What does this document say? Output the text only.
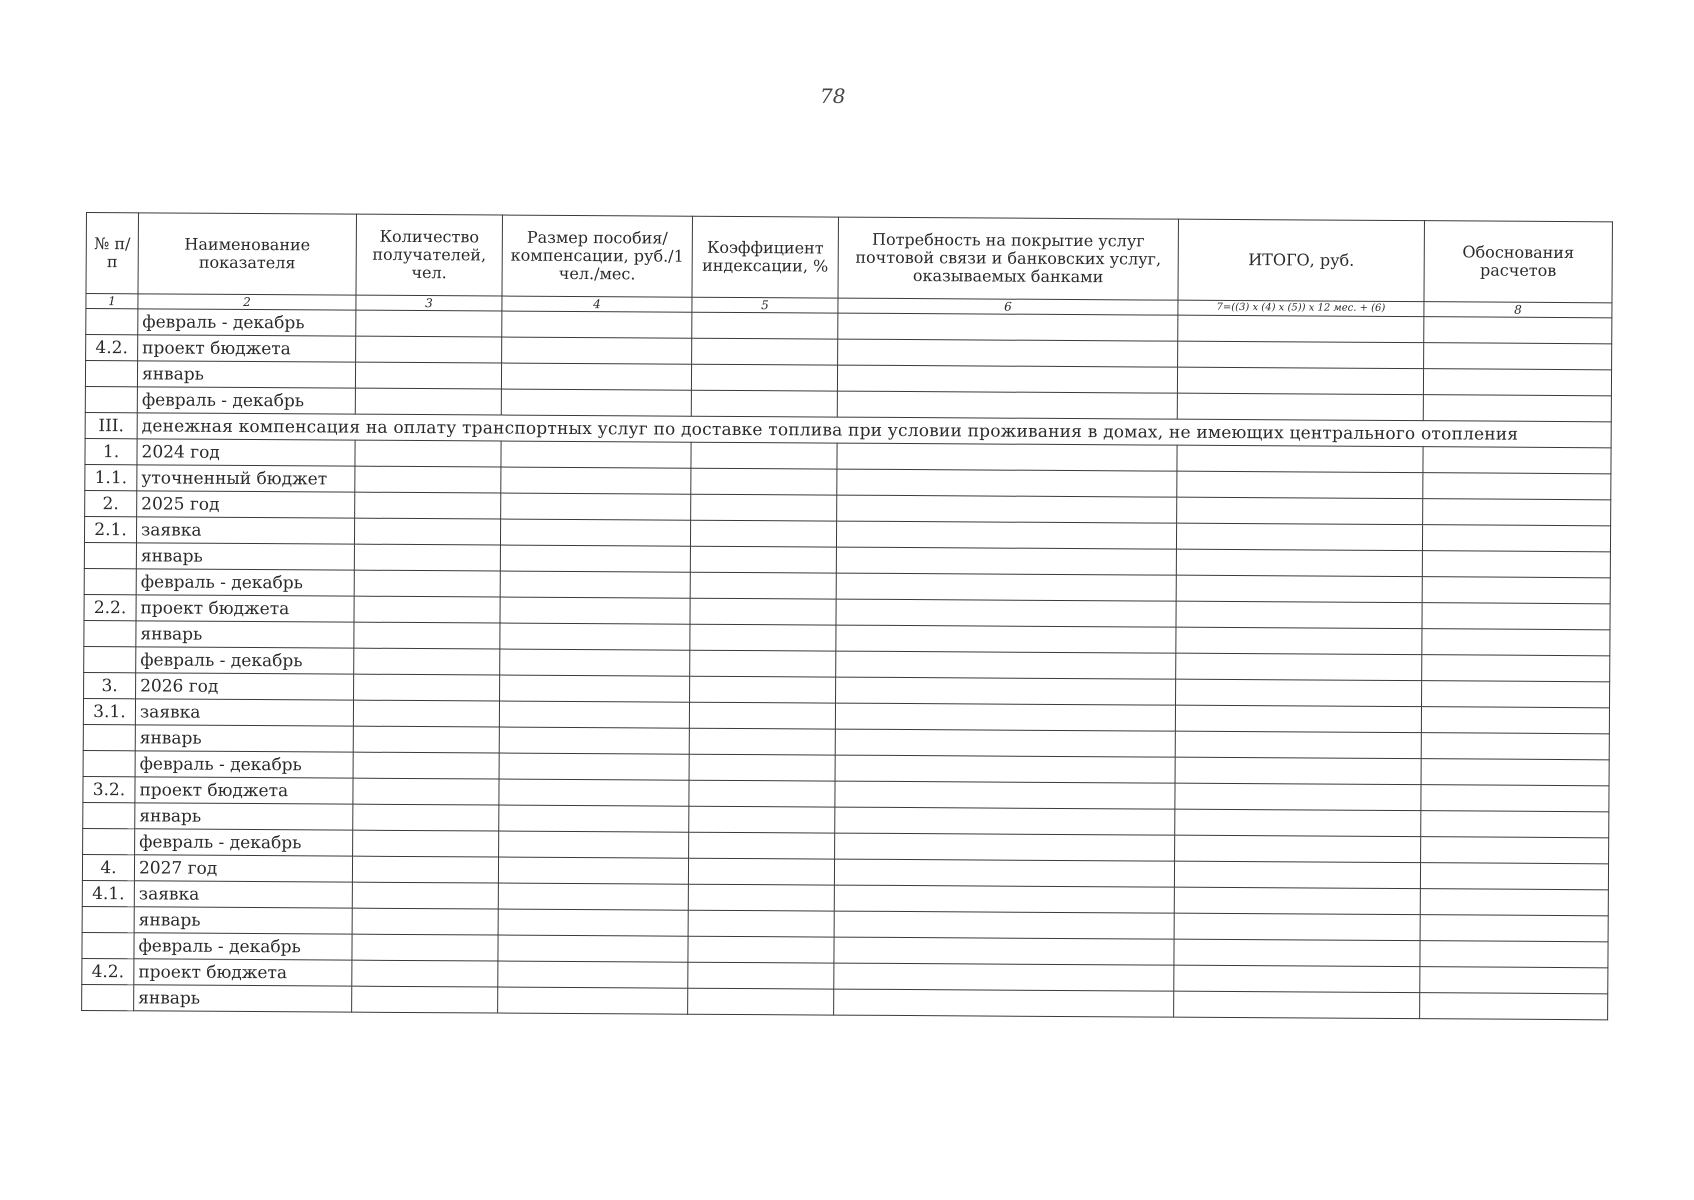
78
№ п/п	Наименование показателя	Количество получателей, чел.	Размер пособия/компенсации, руб./1 чел./мес.	Коэффициент индексации, %	Потребность на покрытие услуг почтовой связи и банковских услуг, оказываемых банками	ИТОГО, руб.	Обоснования расчетов
1	2	3	4	5	6	7=((3) x (4) x (5)) x 12 мес. + (6)	8
	февраль - декабрь						
4.2.	проект бюджета						
	январь						
	февраль - декабрь						
III.	денежная компенсация на оплату транспортных услуг по доставке топлива при условии проживания в домах, не имеющих центрального отопления						
1.	2024 год						
1.1.	уточненный бюджет						
2.	2025 год						
2.1.	заявка						
	январь						
	февраль - декабрь						
2.2.	проект бюджета						
	январь						
	февраль - декабрь						
3.	2026 год						
3.1.	заявка						
	январь						
	февраль - декабрь						
3.2.	проект бюджета						
	январь						
	февраль - декабрь						
4.	2027 год						
4.1.	заявка						
	январь						
	февраль - декабрь						
4.2.	проект бюджета						
	январь						
